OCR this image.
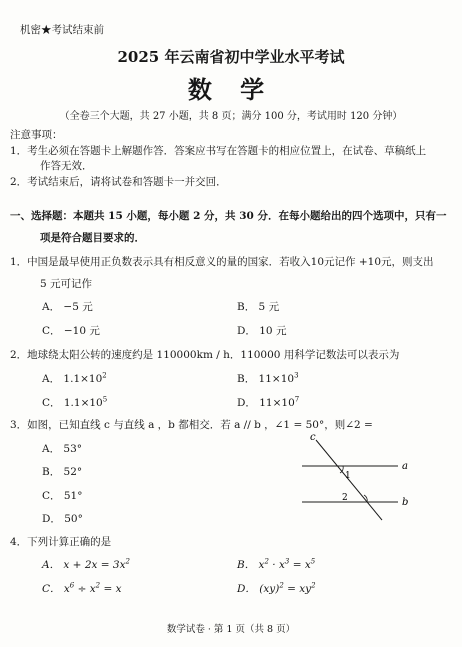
机密★考试结束前
2025 年云南省初中学业水平考试
数 学
（全卷三个大题，共 27 小题，共 8 页；满分 100 分，考试用时 120 分钟）
注意事项：
1．考生必须在答题卡上解题作答．答案应书写在答题卡的相应位置上，在试卷、草稿纸上
作答无效．
2．考试结束后，请将试卷和答题卡一并交回．
一、选择题：本题共 15 小题，每小题 2 分，共 30 分．在每小题给出的四个选项中，只有一
项是符合题目要求的．
1．中国是最早使用正负数表示具有相反意义的量的国家．若收入10元记作 +10元，则支出
5 元可记作
A． −5 元	B． 5 元
C． −10 元	D． 10 元
2．地球绕太阳公转的速度约是 110000km / h．110000 用科学记数法可以表示为
A． $1.1\times 10^2$	B． $11\times 10^3$
C． $1.1\times 10^5$	D． $11\times 10^7$
3．如图，已知直线 c 与直线 a ，b 都相交．若 a // b ，∠1 = 50°，则∠2 =
A． 53°
B． 52°
C． 51°
D． 50°
c
a
b
1
2
4．下列计算正确的是
A． $x + 2x = 3x^2$	B． $x^2 \cdot x^3 = x^5$
C． $x^6 \div x^2 = x$	D． $(xy)^2 = xy^2$
数学试卷 · 第 1 页（共 8 页）
